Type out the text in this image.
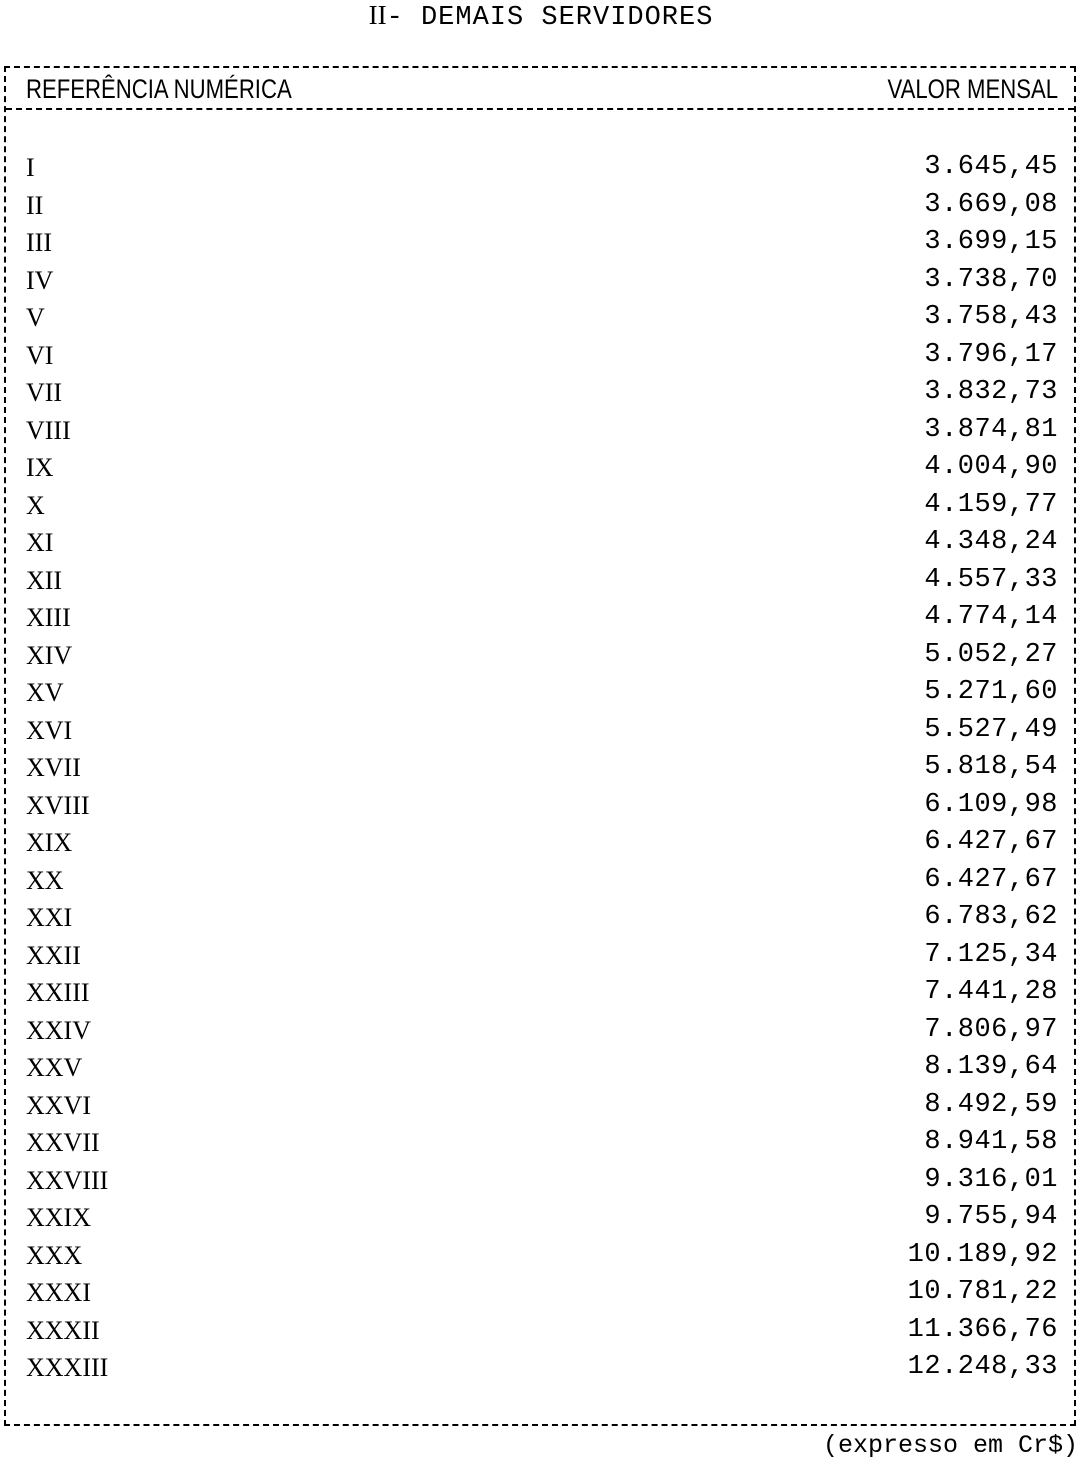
II- DEMAIS SERVIDORES
REFERÊNCIA NUMÉRICA	VALOR MENSAL
I	3.645,45
II	3.669,08
III	3.699,15
IV	3.738,70
V	3.758,43
VI	3.796,17
VII	3.832,73
VIII	3.874,81
IX	4.004,90
X	4.159,77
XI	4.348,24
XII	4.557,33
XIII	4.774,14
XIV	5.052,27
XV	5.271,60
XVI	5.527,49
XVII	5.818,54
XVIII	6.109,98
XIX	6.427,67
XX	6.427,67
XXI	6.783,62
XXII	7.125,34
XXIII	7.441,28
XXIV	7.806,97
XXV	8.139,64
XXVI	8.492,59
XXVII	8.941,58
XXVIII	9.316,01
XXIX	9.755,94
XXX	10.189,92
XXXI	10.781,22
XXXII	11.366,76
XXXIII	12.248,33
(expresso em Cr$)
